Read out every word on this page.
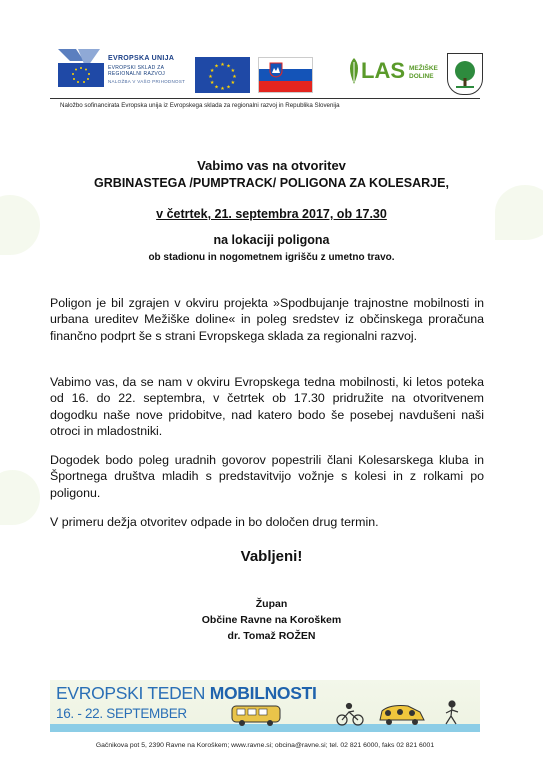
EVROPSKA UNIJA
EVROPSKI SKLAD ZA
REGIONALNI RAZVOJ
NALOŽBA V VAŠO PRIHODNOST
★ ★
★
★
★
★
★
★
★
★
★
★	LAS MEŽIŠKE
DOLINE
Naložbo sofinancirata Evropska unija iz Evropskega sklada za regionalni razvoj in Republika Slovenija
Vabimo vas na otvoritev
GRBINASTEGA /PUMPTRACK/ POLIGONA ZA KOLESARJE,
v četrtek, 21. septembra 2017, ob 17.30
na lokaciji poligona
ob stadionu in nogometnem igrišču z umetno travo.
Poligon je bil zgrajen v okviru projekta »Spodbujanje trajnostne mobilnosti in urbana ureditev Mežiške doline« in poleg sredstev iz občinskega proračuna finančno podprt še s strani Evropskega sklada za regionalni razvoj.
Vabimo vas, da se nam v okviru Evropskega tedna mobilnosti, ki letos poteka od 16. do 22. septembra, v četrtek ob 17.30 pridružite na otvoritvenem dogodku naše nove pridobitve, nad katero bodo še posebej navdušeni naši otroci in mladostniki.
Dogodek bodo poleg uradnih govorov popestrili člani Kolesarskega kluba in Športnega društva mladih s predstavitvijo vožnje s kolesi in z rolkami po poligonu.
V primeru dežja otvoritev odpade in bo določen drug termin.
Vabljeni!
Župan
Občine Ravne na Koroškem
dr. Tomaž ROŽEN
EVROPSKI TEDEN MOBILNOSTI
16. - 22. SEPTEMBER
Gačnikova pot 5, 2390 Ravne na Koroškem; www.ravne.si; obcina@ravne.si; tel. 02 821 6000, faks 02 821 6001
